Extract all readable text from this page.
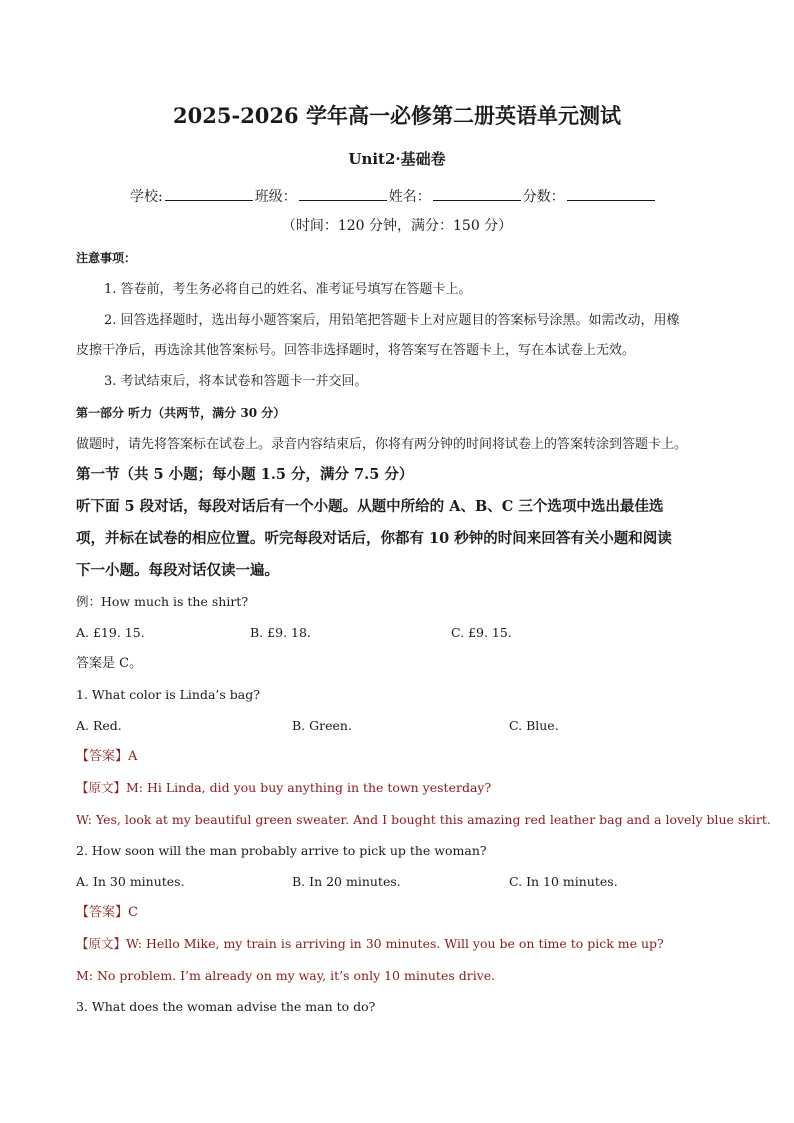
2025-2026 学年高一必修第二册英语单元测试
Unit2·基础卷
学校:	班级：	姓名：	分数：
（时间：120 分钟，满分：150 分）
注意事项：
1. 答卷前，考生务必将自己的姓名、准考证号填写在答题卡上。
2. 回答选择题时，选出每小题答案后，用铅笔把答题卡上对应题目的答案标号涂黑。如需改动，用橡
皮擦干净后，再选涂其他答案标号。回答非选择题时，将答案写在答题卡上，写在本试卷上无效。
3. 考试结束后，将本试卷和答题卡一并交回。
第一部分 听力（共两节，满分 30 分）
做题时，请先将答案标在试卷上。录音内容结束后，你将有两分钟的时间将试卷上的答案转涂到答题卡上。
第一节（共 5 小题；每小题 1.5 分，满分 7.5 分）
听下面 5 段对话，每段对话后有一个小题。从题中所给的 A、B、C 三个选项中选出最佳选
项，并标在试卷的相应位置。听完每段对话后，你都有 10 秒钟的时间来回答有关小题和阅读
下一小题。每段对话仅读一遍。
例：How much is the shirt?
A. £19. 15.	B. £9. 18.	C. £9. 15.
答案是 C。
1. What color is Linda’s bag?
A. Red.	B. Green.	C. Blue.
【答案】A
【原文】M: Hi Linda, did you buy anything in the town yesterday?
W: Yes, look at my beautiful green sweater. And I bought this amazing red leather bag and a lovely blue skirt.
2. How soon will the man probably arrive to pick up the woman?
A. In 30 minutes.	B. In 20 minutes.	C. In 10 minutes.
【答案】C
【原文】W: Hello Mike, my train is arriving in 30 minutes. Will you be on time to pick me up?
M: No problem. I’m already on my way, it’s only 10 minutes drive.
3. What does the woman advise the man to do?
